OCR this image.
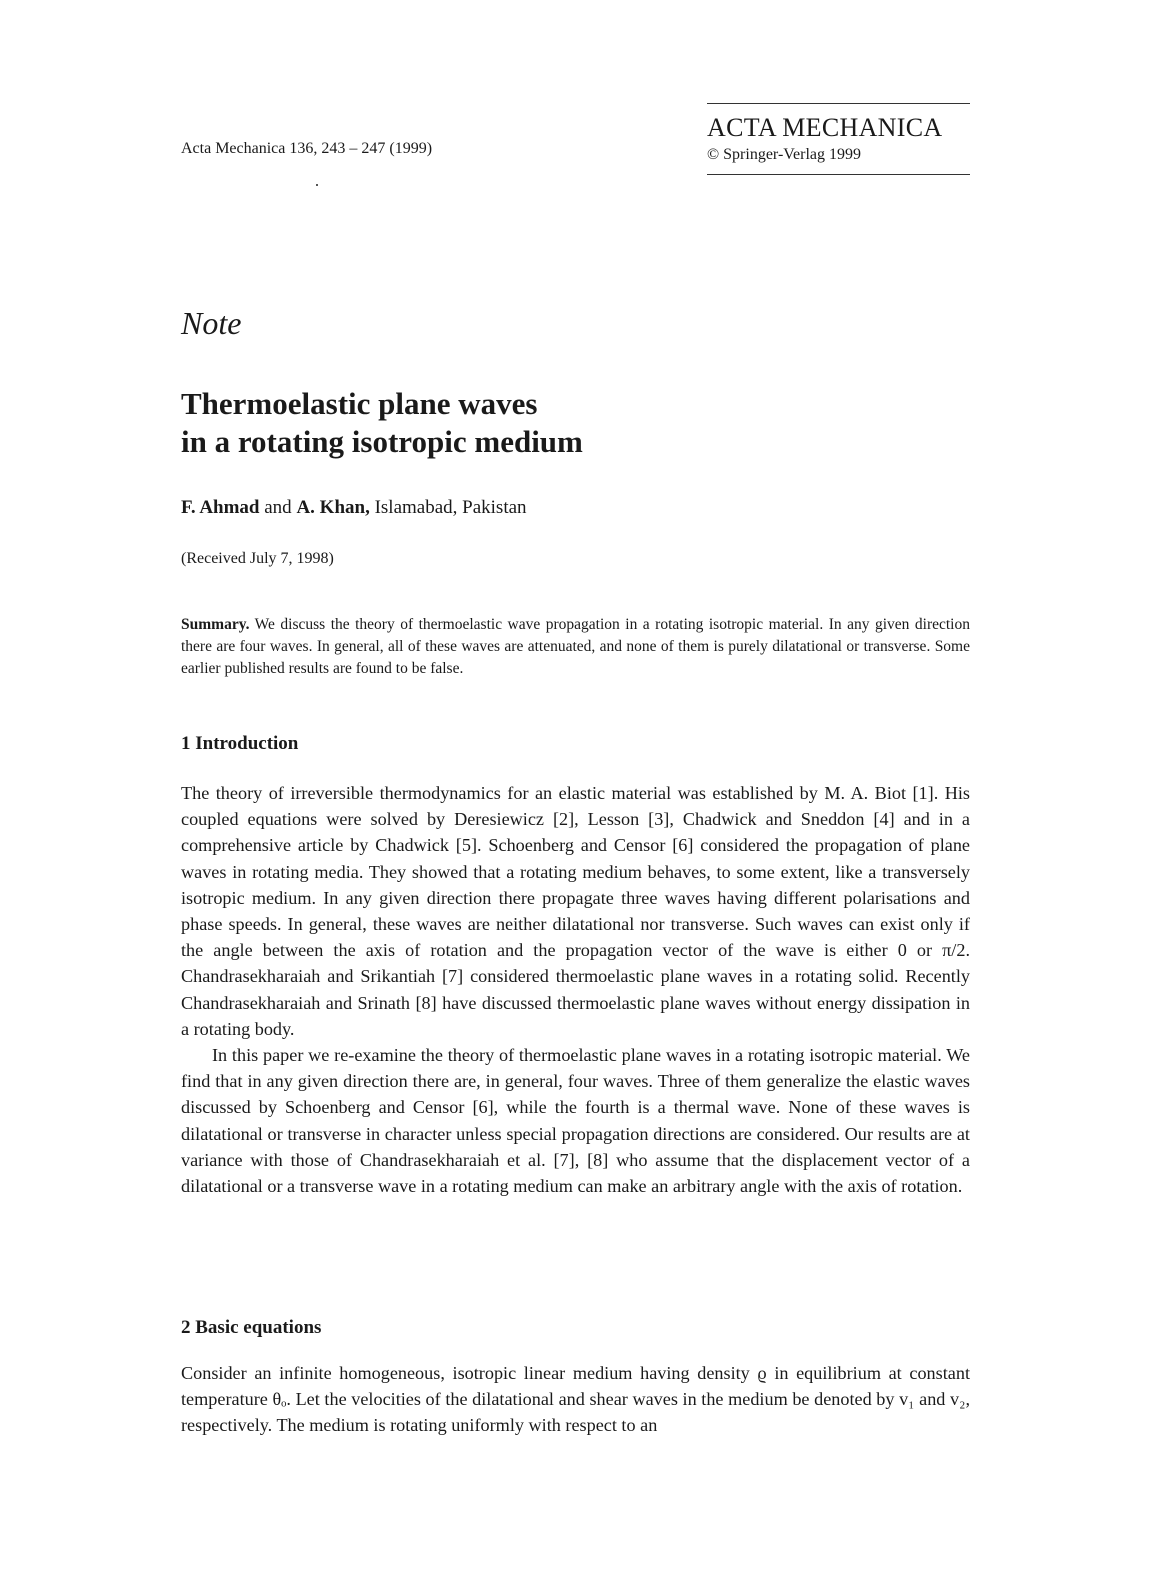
Acta Mechanica 136, 243 – 247 (1999)
ACTA MECHANICA
© Springer-Verlag 1999
Note
Thermoelastic plane waves
in a rotating isotropic medium
F. Ahmad and A. Khan, Islamabad, Pakistan
(Received July 7, 1998)
Summary. We discuss the theory of thermoelastic wave propagation in a rotating isotropic material. In any given direction there are four waves. In general, all of these waves are attenuated, and none of them is purely dilatational or transverse. Some earlier published results are found to be false.
1 Introduction

The theory of irreversible thermodynamics for an elastic material was established by M. A. Biot [1]. His coupled equations were solved by Deresiewicz [2], Lesson [3], Chadwick and Sneddon [4] and in a comprehensive article by Chadwick [5]. Schoenberg and Censor [6] considered the propagation of plane waves in rotating media. They showed that a rotating medium behaves, to some extent, like a transversely isotropic medium. In any given direction there propagate three waves having different polarisations and phase speeds. In general, these waves are neither dilatational nor transverse. Such waves can exist only if the angle between the axis of rotation and the propagation vector of the wave is either 0 or π/2. Chandrasekharaiah and Srikantiah [7] considered thermoelastic plane waves in a rotating solid. Recently Chandrasekharaiah and Srinath [8] have discussed thermoelastic plane waves without energy dissipation in a rotating body.

In this paper we re-examine the theory of thermoelastic plane waves in a rotating isotropic material. We find that in any given direction there are, in general, four waves. Three of them generalize the elastic waves discussed by Schoenberg and Censor [6], while the fourth is a thermal wave. None of these waves is dilatational or transverse in character unless special propagation directions are considered. Our results are at variance with those of Chandrasekharaiah et al. [7], [8] who assume that the displacement vector of a dilatational or a transverse wave in a rotating medium can make an arbitrary angle with the axis of rotation.

2 Basic equations

Consider an infinite homogeneous, isotropic linear medium having density ϱ in equilibrium at constant temperature θₒ. Let the velocities of the dilatational and shear waves in the medium be denoted by v₁ and v₂, respectively. The medium is rotating uniformly with respect to an
